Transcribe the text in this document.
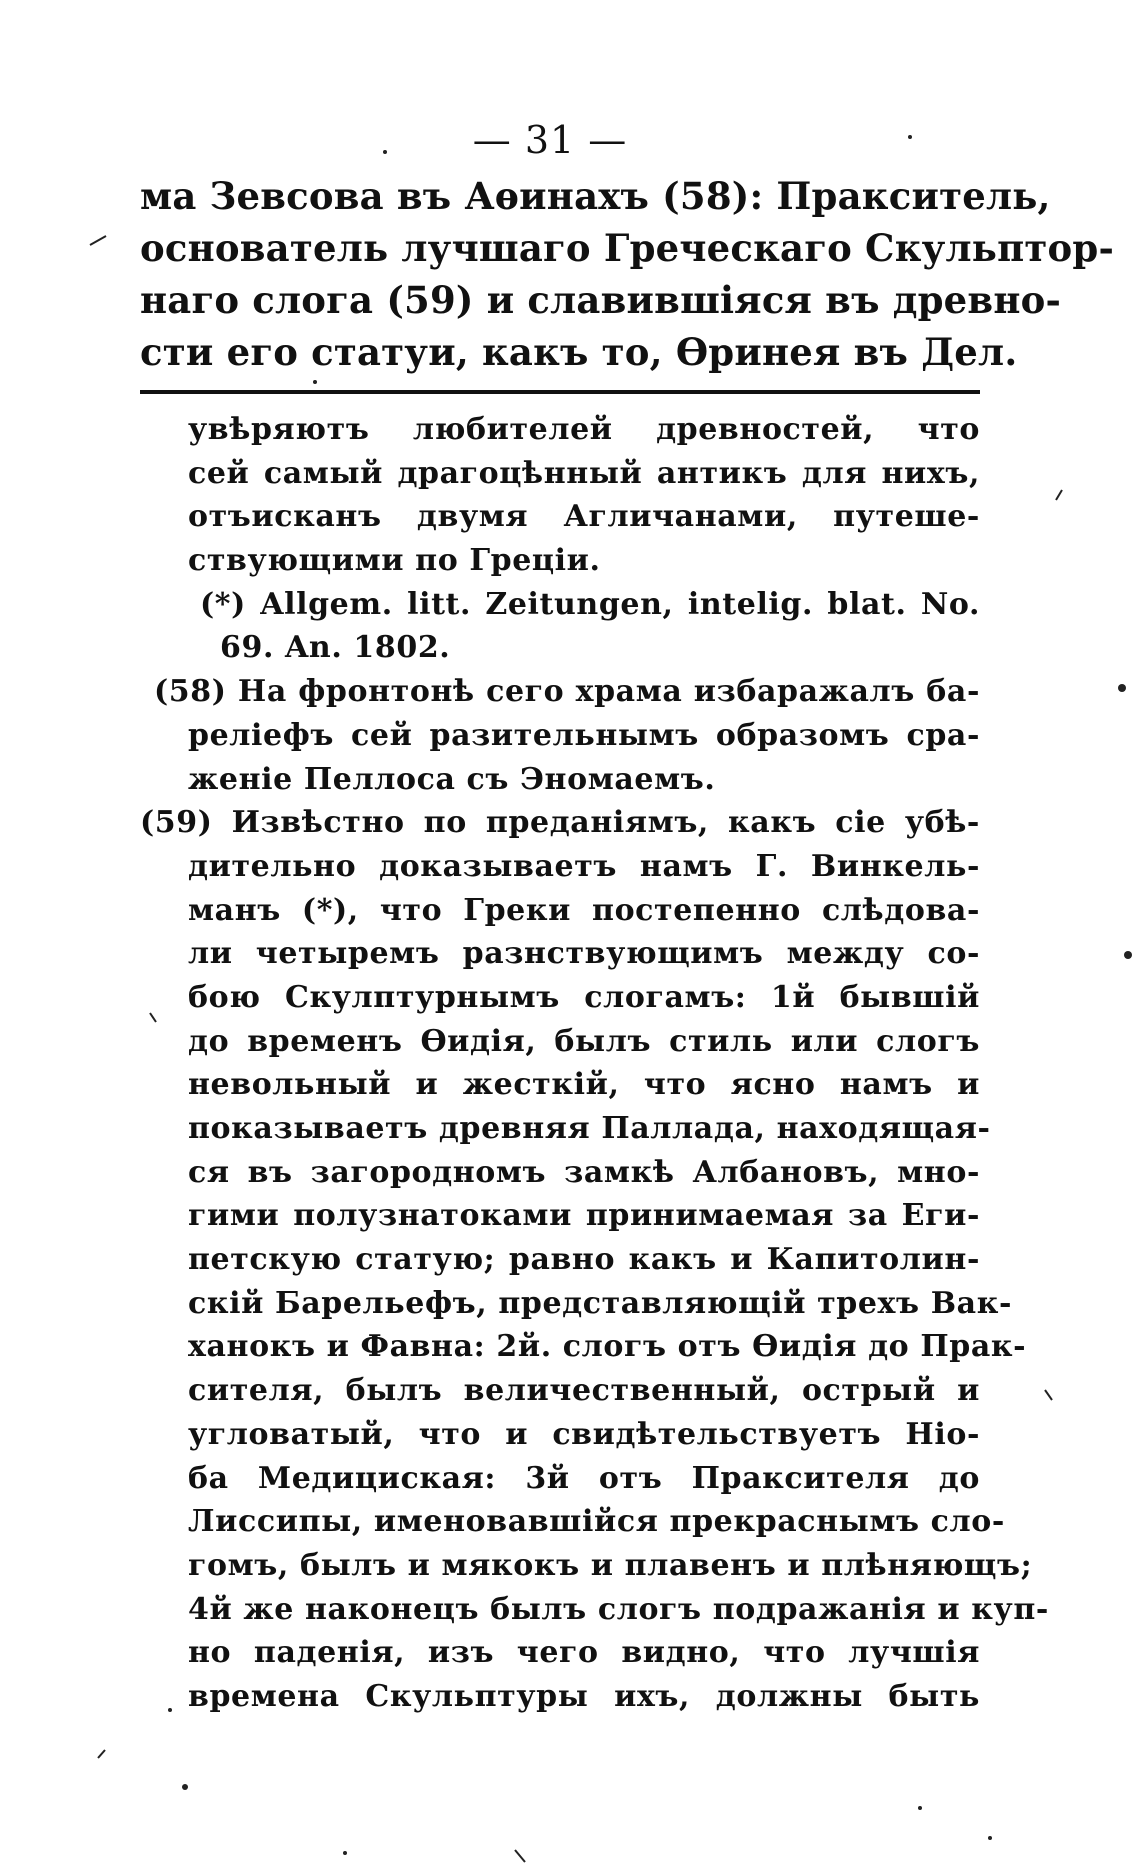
— 31 —
ма Зевсова въ Аѳинахъ (58): Пракситель,
основатель лучшаго Греческаго Скульптор-
наго слога (59) и славившіяся въ древно-
сти его статуи, какъ то, Ѳринея въ Дел.
увѣряютъ любителей древностей, что
сей самый драгоцѣнный антикъ для нихъ,
отъисканъ двумя Агличанами, путеше-
ствующими по Греціи.
(*) Allgem. litt. Zeitungen, intelig. blat. No.
69. An. 1802.
(58) На фронтонѣ сего храма избаражалъ ба-
реліефъ сей разительнымъ образомъ сра-
женіе Пеллоса съ Эномаемъ.
(59) Извѣстно по преданіямъ, какъ сіе убѣ-
дительно доказываетъ намъ Г. Винкель-
манъ (*), что Греки постепенно слѣдова-
ли четыремъ разнствующимъ между со-
бою Скулптурнымъ слогамъ: 1й бывшій
до временъ Ѳидія, былъ стиль или слогъ
невольный и жесткій, что ясно намъ и
показываетъ древняя Паллада, находящая-
ся въ загородномъ замкѣ Албановъ, мно-
гими полузнатоками принимаемая за Еги-
петскую статую; равно какъ и Капитолин-
скій Барельефъ, представляющій трехъ Вак-
ханокъ и Фавна: 2й. слогъ отъ Ѳидія до Прак-
сителя, былъ величественный, острый и
угловатый, что и свидѣтельствуетъ Ніо-
ба Медицискaя: 3й отъ Праксителя до
Лиссипы, именовавшійся прекраснымъ сло-
гомъ, былъ и мякокъ и плавенъ и плѣняющъ;
4й же наконецъ былъ слогъ подражанія и куп-
но паденія, изъ чего видно, что лучшія
времена Скульптуры ихъ, должны быть
